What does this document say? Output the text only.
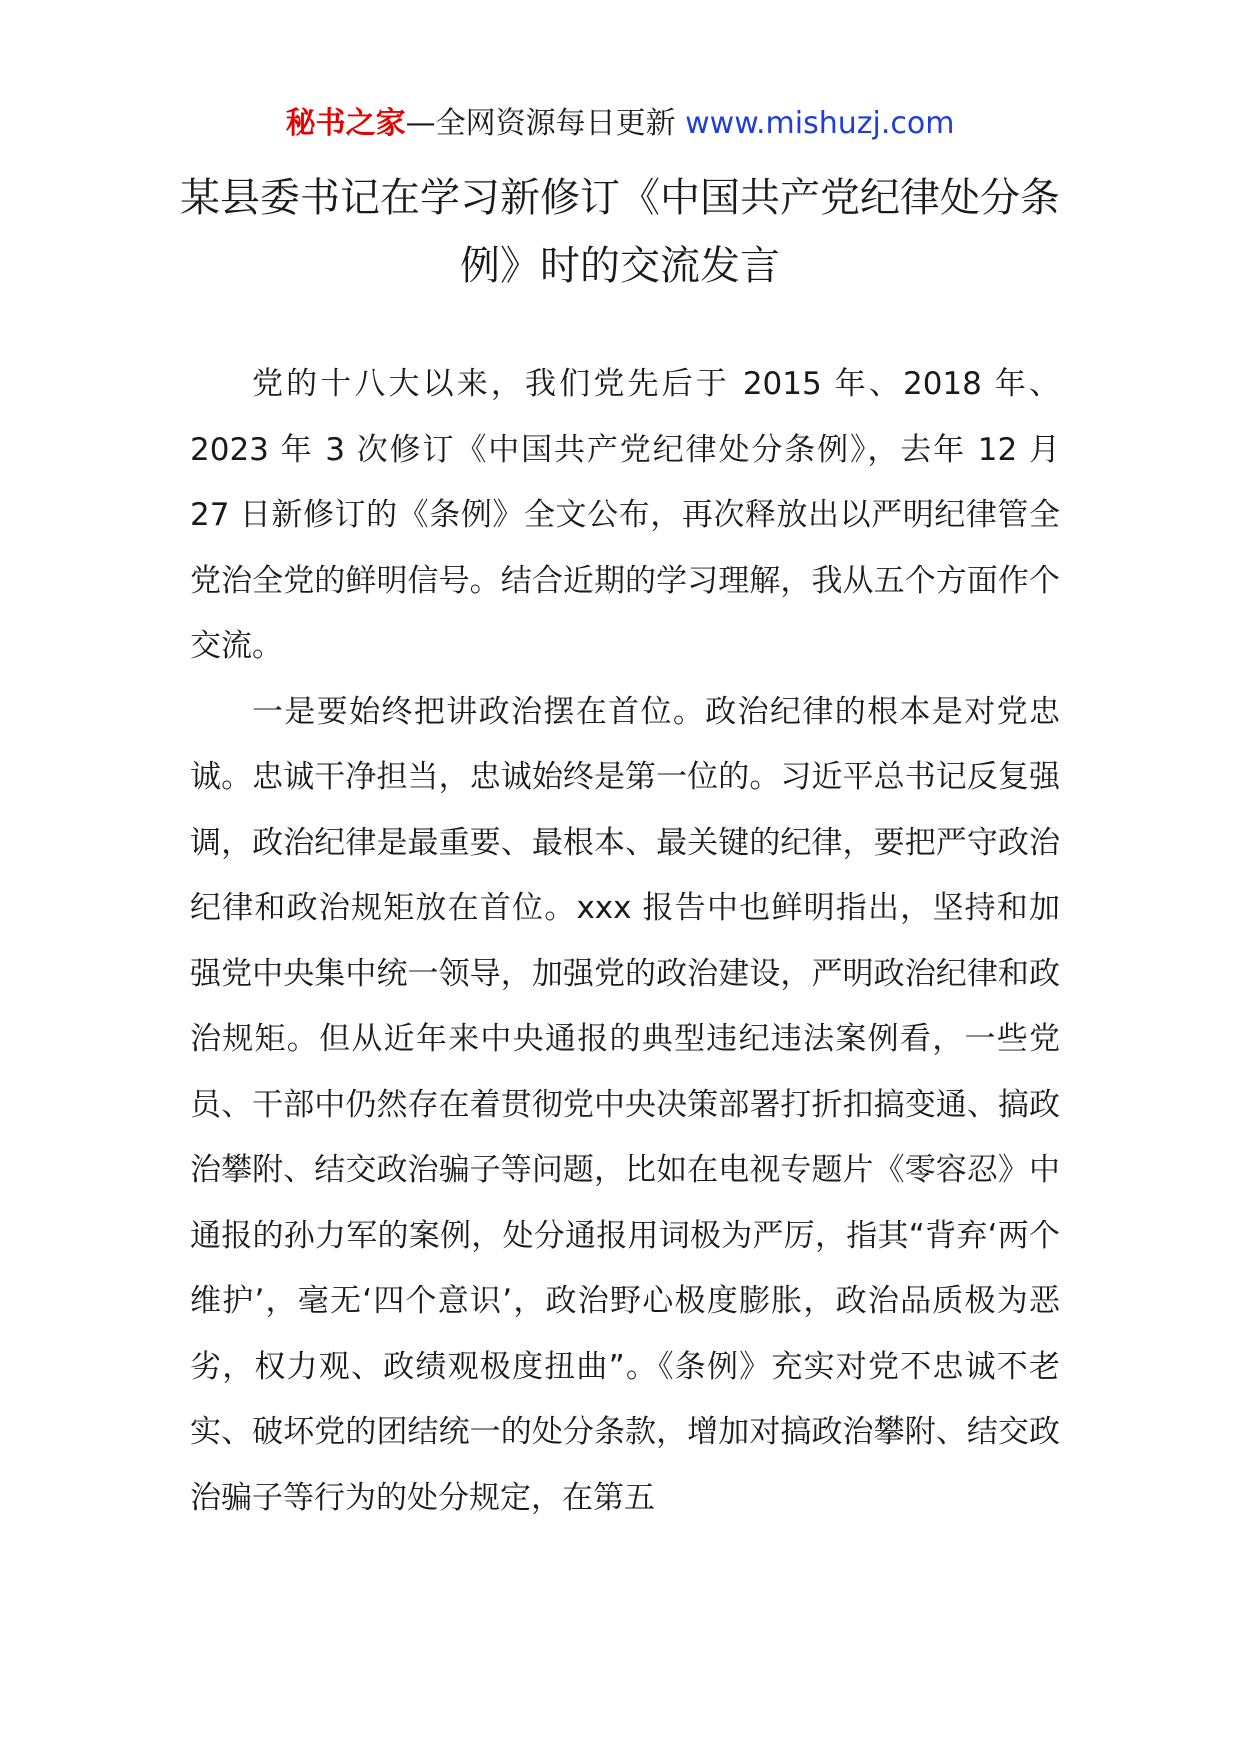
秘书之家—全网资源每日更新 www.mishuzj.com
某县委书记在学习新修订《中国共产党纪律处分条例》时的交流发言

党的十八大以来，我们党先后于 2015 年、2018 年、2023 年 3 次修订《中国共产党纪律处分条例》，去年 12 月 27 日新修订的《条例》全文公布，再次释放出以严明纪律管全党治全党的鲜明信号。结合近期的学习理解，我从五个方面作个交流。

一是要始终把讲政治摆在首位。政治纪律的根本是对党忠诚。忠诚干净担当，忠诚始终是第一位的。习近平总书记反复强调，政治纪律是最重要、最根本、最关键的纪律，要把严守政治纪律和政治规矩放在首位。xxx 报告中也鲜明指出，坚持和加强党中央集中统一领导，加强党的政治建设，严明政治纪律和政治规矩。但从近年来中央通报的典型违纪违法案例看，一些党员、干部中仍然存在着贯彻党中央决策部署打折扣搞变通、搞政治攀附、结交政治骗子等问题，比如在电视专题片《零容忍》中通报的孙力军的案例，处分通报用词极为严厉，指其“背弃‘两个维护’，毫无‘四个意识’，政治野心极度膨胀，政治品质极为恶劣，权力观、政绩观极度扭曲”。《条例》充实对党不忠诚不老实、破坏党的团结统一的处分条款，增加对搞政治攀附、结交政治骗子等行为的处分规定，在第五
